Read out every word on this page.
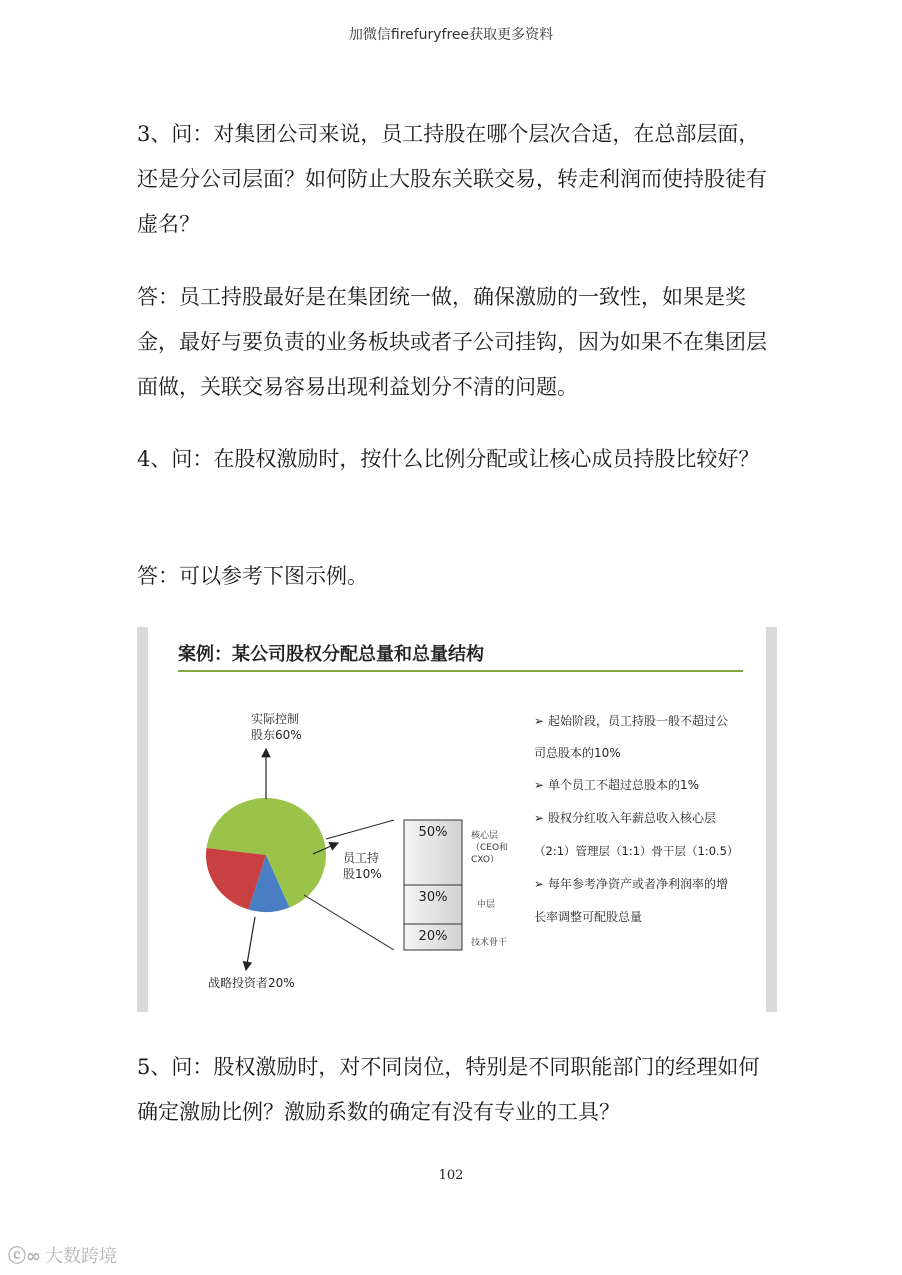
加微信firefuryfree获取更多资料

3、问：对集团公司来说，员工持股在哪个层次合适，在总部层面，还是分公司层面？如何防止大股东关联交易，转走利润而使持股徒有虚名？

答：员工持股最好是在集团统一做，确保激励的一致性，如果是奖金，最好与要负责的业务板块或者子公司挂钩，因为如果不在集团层面做，关联交易容易出现利益划分不清的问题。

4、问：在股权激励时，按什么比例分配或让核心成员持股比较好？

答：可以参考下图示例。

案例：某公司股权分配总量和总量结构
实际控制
股东60%
员工持
股10%
战略投资者20%
50%
30%
20%
核心层
（CEO和
CXO）
中层
技术骨干
➢ 起始阶段，员工持股一般不超过公
司总股本的10%
➢ 单个员工不超过总股本的1%
➢ 股权分红收入年薪总收入核心层
（2:1）管理层（1:1）骨干层（1:0.5）
➢ 每年参考净资产或者净利润率的增
长率调整可配股总量

5、问：股权激励时，对不同岗位，特别是不同职能部门的经理如何确定激励比例？激励系数的确定有没有专业的工具？

102
ⓒ∞ 大数跨境
